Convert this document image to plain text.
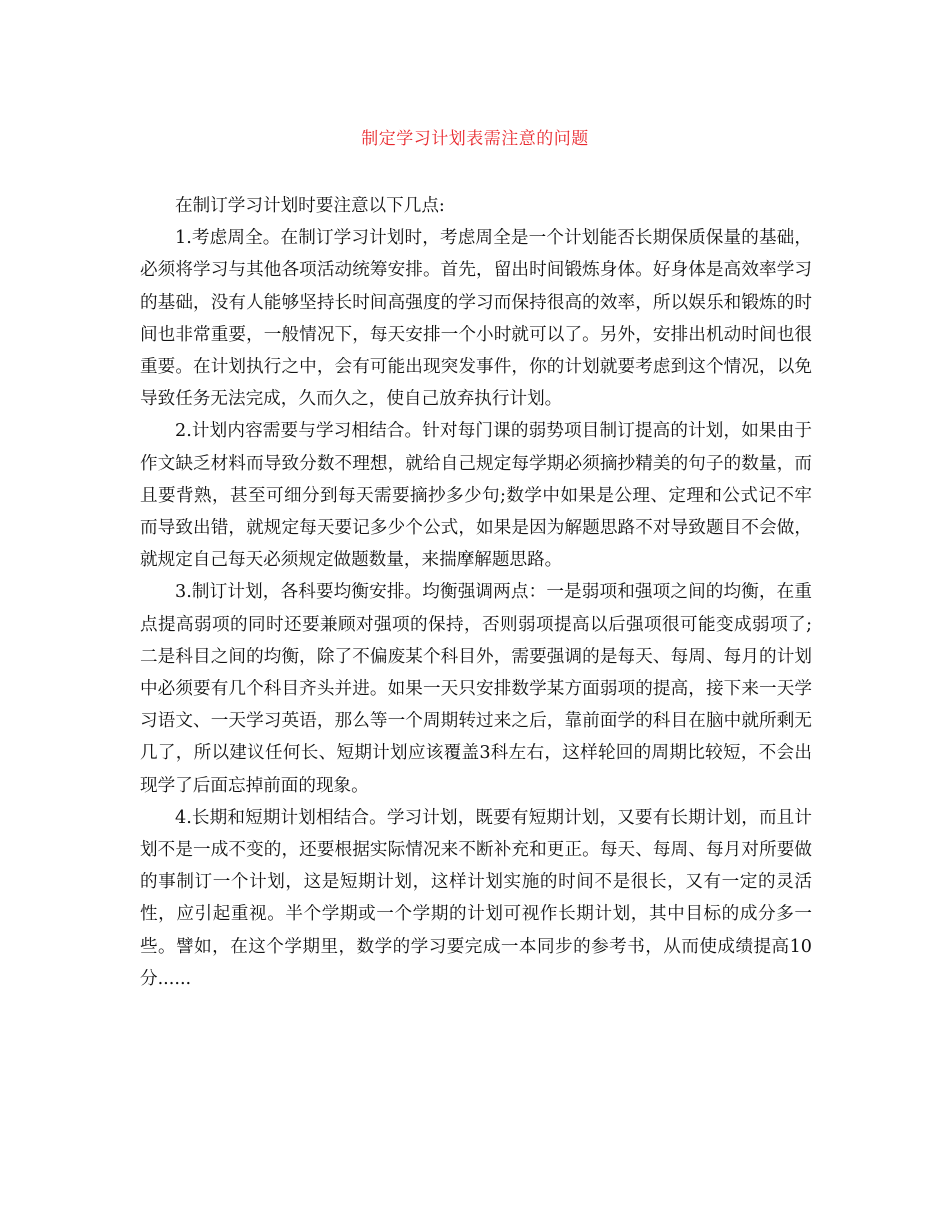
制定学习计划表需注意的问题

在制订学习计划时要注意以下几点:

1.考虑周全。在制订学习计划时，考虑周全是一个计划能否长期保质保量的基础，必须将学习与其他各项活动统筹安排。首先，留出时间锻炼身体。好身体是高效率学习的基础，没有人能够坚持长时间高强度的学习而保持很高的效率，所以娱乐和锻炼的时间也非常重要，一般情况下，每天安排一个小时就可以了。另外，安排出机动时间也很重要。在计划执行之中，会有可能出现突发事件，你的计划就要考虑到这个情况，以免导致任务无法完成，久而久之，使自己放弃执行计划。

2.计划内容需要与学习相结合。针对每门课的弱势项目制订提高的计划，如果由于作文缺乏材料而导致分数不理想，就给自己规定每学期必须摘抄精美的句子的数量，而且要背熟，甚至可细分到每天需要摘抄多少句;数学中如果是公理、定理和公式记不牢而导致出错，就规定每天要记多少个公式，如果是因为解题思路不对导致题目不会做，就规定自己每天必须规定做题数量，来揣摩解题思路。

3.制订计划，各科要均衡安排。均衡强调两点：一是弱项和强项之间的均衡，在重点提高弱项的同时还要兼顾对强项的保持，否则弱项提高以后强项很可能变成弱项了;二是科目之间的均衡，除了不偏废某个科目外，需要强调的是每天、每周、每月的计划中必须要有几个科目齐头并进。如果一天只安排数学某方面弱项的提高，接下来一天学习语文、一天学习英语，那么等一个周期转过来之后，靠前面学的科目在脑中就所剩无几了，所以建议任何长、短期计划应该覆盖3科左右，这样轮回的周期比较短，不会出现学了后面忘掉前面的现象。

4.长期和短期计划相结合。学习计划，既要有短期计划，又要有长期计划，而且计划不是一成不变的，还要根据实际情况来不断补充和更正。每天、每周、每月对所要做的事制订一个计划，这是短期计划，这样计划实施的时间不是很长，又有一定的灵活性，应引起重视。半个学期或一个学期的计划可视作长期计划，其中目标的成分多一些。譬如，在这个学期里，数学的学习要完成一本同步的参考书，从而使成绩提高10分......
